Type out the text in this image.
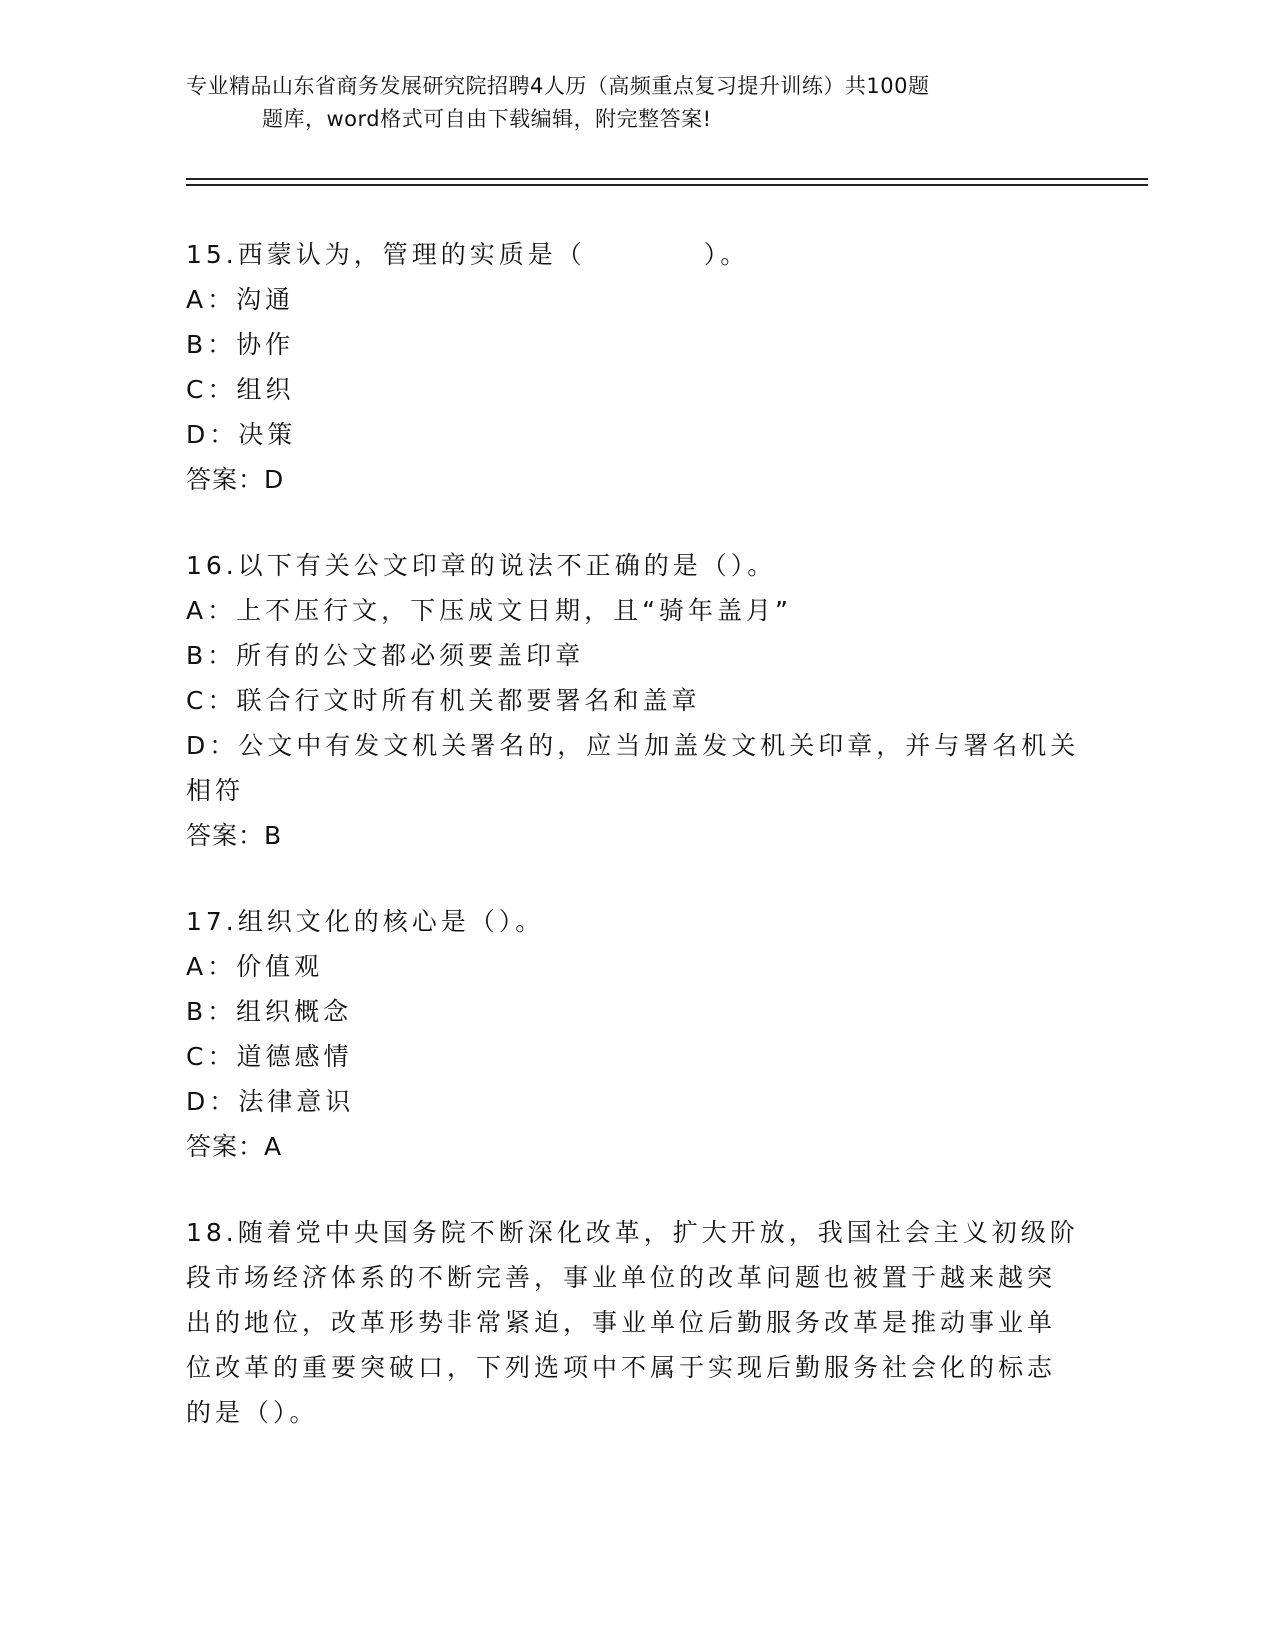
专业精品山东省商务发展研究院招聘4人历（高频重点复习提升训练）共100题
题库，word格式可自由下载编辑，附完整答案!
15.西蒙认为，管理的实质是（	）。
A：沟通
B：协作
C：组织
D：决策
答案：D
16.以下有关公文印章的说法不正确的是（）。
A：上不压行文，下压成文日期，且“骑年盖月”
B：所有的公文都必须要盖印章
C：联合行文时所有机关都要署名和盖章
D：公文中有发文机关署名的，应当加盖发文机关印章，并与署名机关
相符
答案：B
17.组织文化的核心是（）。
A：价值观
B：组织概念
C：道德感情
D：法律意识
答案：A
18.随着党中央国务院不断深化改革，扩大开放，我国社会主义初级阶
段市场经济体系的不断完善，事业单位的改革问题也被置于越来越突
出的地位，改革形势非常紧迫，事业单位后勤服务改革是推动事业单
位改革的重要突破口，下列选项中不属于实现后勤服务社会化的标志
的是（）。
